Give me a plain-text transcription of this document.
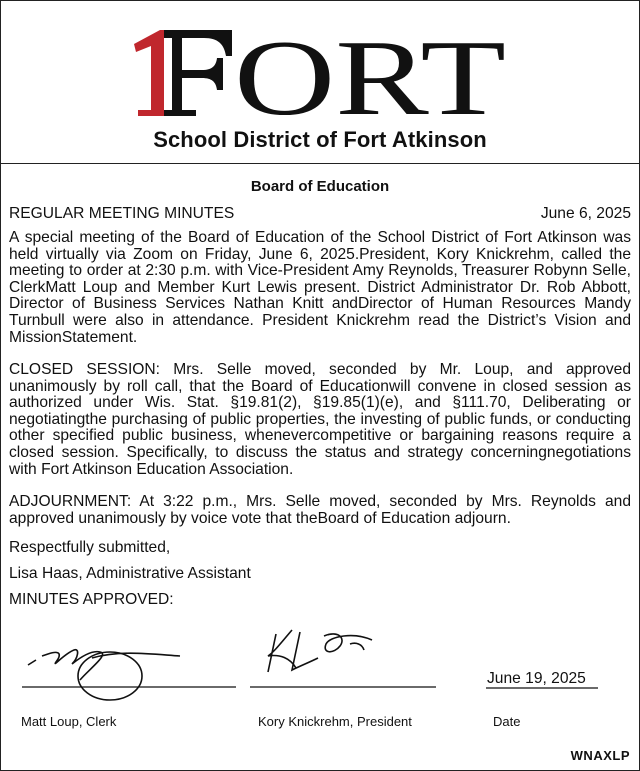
ORT
School District of Fort Atkinson
Board of Education
REGULAR MEETING MINUTES	June 6, 2025
A special meeting of the Board of Education of the School District of Fort Atkinson was held virtually via Zoom on Friday, June 6, 2025.President, Kory Knickrehm, called the meeting to order at 2:30 p.m. with Vice-President Amy Reynolds, Treasurer Robynn Selle, ClerkMatt Loup and Member Kurt Lewis present. District Administrator Dr. Rob Abbott, Director of Business Services Nathan Knitt andDirector of Human Resources Mandy Turnbull were also in attendance. President Knickrehm read the District’s Vision and MissionStatement.
CLOSED SESSION: Mrs. Selle moved, seconded by Mr. Loup, and approved unanimously by roll call, that the Board of Educationwill convene in closed session as authorized under Wis. Stat. §19.81(2), §19.85(1)(e), and §111.70, Deliberating or negotiatingthe purchasing of public properties, the investing of public funds, or conducting other specified public business, whenevercompetitive or bargaining reasons require a closed session. Specifically, to discuss the status and strategy concerningnegotiations with Fort Atkinson Education Association.
ADJOURNMENT: At 3:22 p.m., Mrs. Selle moved, seconded by Mrs. Reynolds and approved unanimously by voice vote that theBoard of Education adjourn.
Respectfully submitted,
Lisa Haas, Administrative Assistant
MINUTES APPROVED:
June 19, 2025
Matt Loup, Clerk	Kory Knickrehm, President	Date
WNAXLP
